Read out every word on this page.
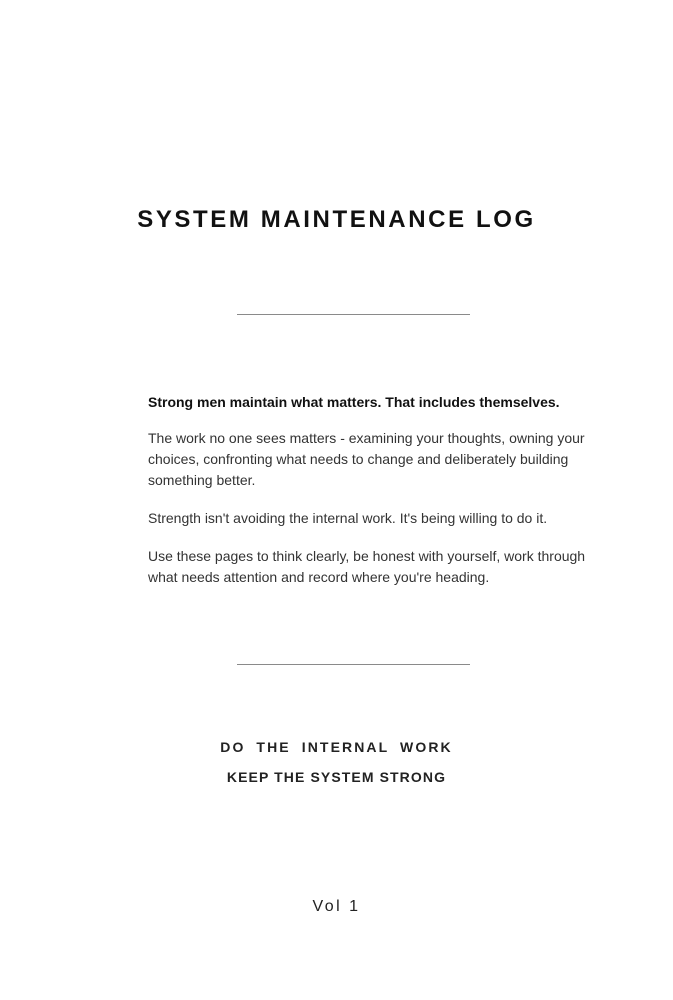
SYSTEM MAINTENANCE LOG

Strong men maintain what matters. That includes themselves.

The work no one sees matters - examining your thoughts, owning your choices, confronting what needs to change and deliberately building something better.

Strength isn't avoiding the internal work. It's being willing to do it.

Use these pages to think clearly, be honest with yourself, work through what needs attention and record where you're heading.

DO THE INTERNAL WORK

KEEP THE SYSTEM STRONG

Vol 1
